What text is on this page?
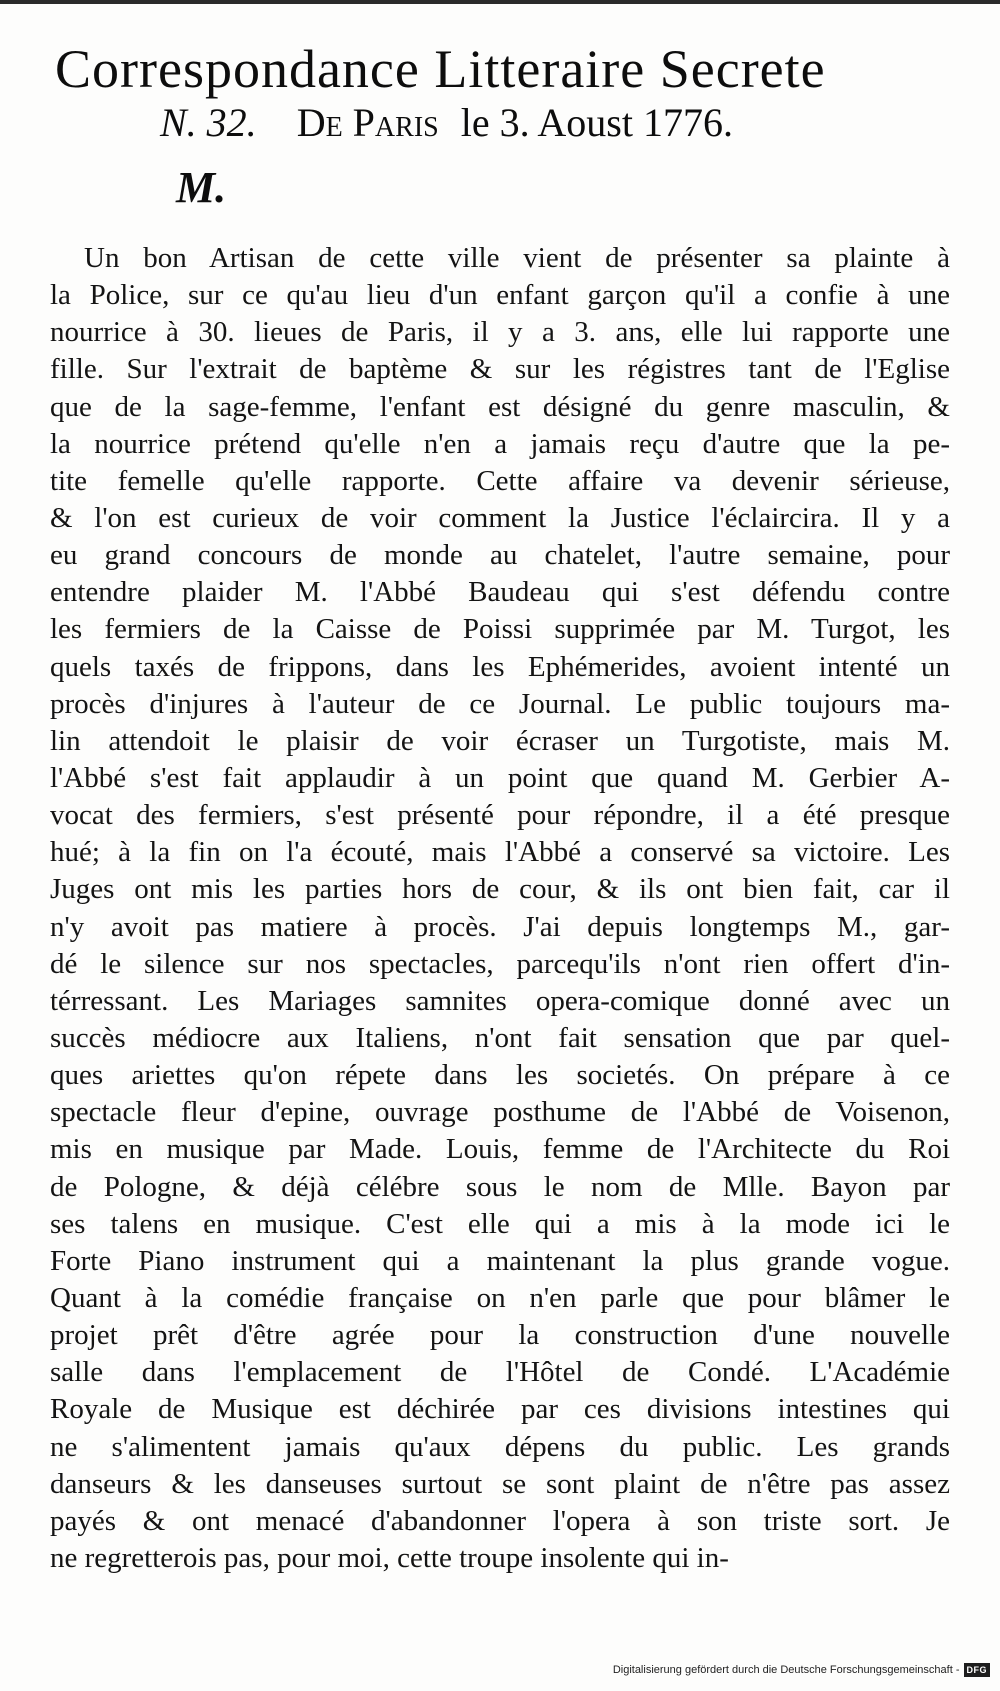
Correspondance Litteraire Secrete
N. 32. De Paris le 3. Aoust 1776.
M.
Un bon Artisan de cette ville vient de présenter sa plainte à
la Police, sur ce qu'au lieu d'un enfant garçon qu'il a confie à une
nourrice à 30. lieues de Paris, il y a 3. ans, elle lui rapporte une
fille. Sur l'extrait de baptème & sur les régistres tant de l'Eglise
que de la sage-femme, l'enfant est désigné du genre masculin, &
la nourrice prétend qu'elle n'en a jamais reçu d'autre que la pe-
tite femelle qu'elle rapporte. Cette affaire va devenir sérieuse,
& l'on est curieux de voir comment la Justice l'éclaircira. Il y a
eu grand concours de monde au chatelet, l'autre semaine, pour
entendre plaider M. l'Abbé Baudeau qui s'est défendu contre
les fermiers de la Caisse de Poissi supprimée par M. Turgot, les
quels taxés de frippons, dans les Ephémerides, avoient intenté un
procès d'injures à l'auteur de ce Journal. Le public toujours ma-
lin attendoit le plaisir de voir écraser un Turgotiste, mais M.
l'Abbé s'est fait applaudir à un point que quand M. Gerbier A-
vocat des fermiers, s'est présenté pour répondre, il a été presque
hué; à la fin on l'a écouté, mais l'Abbé a conservé sa victoire. Les
Juges ont mis les parties hors de cour, & ils ont bien fait, car il
n'y avoit pas matiere à procès. J'ai depuis longtemps M., gar-
dé le silence sur nos spectacles, parcequ'ils n'ont rien offert d'in-
térressant. Les Mariages samnites opera-comique donné avec un
succès médiocre aux Italiens, n'ont fait sensation que par quel-
ques ariettes qu'on répete dans les societés. On prépare à ce
spectacle fleur d'epine, ouvrage posthume de l'Abbé de Voisenon,
mis en musique par Made. Louis, femme de l'Architecte du Roi
de Pologne, & déjà célébre sous le nom de Mlle. Bayon par
ses talens en musique. C'est elle qui a mis à la mode ici le
Forte Piano instrument qui a maintenant la plus grande vogue.
Quant à la comédie française on n'en parle que pour blâmer le
projet prêt d'être agrée pour la construction d'une nouvelle
salle dans l'emplacement de l'Hôtel de Condé. L'Académie
Royale de Musique est déchirée par ces divisions intestines qui
ne s'alimentent jamais qu'aux dépens du public. Les grands
danseurs & les danseuses surtout se sont plaint de n'être pas assez
payés & ont menacé d'abandonner l'opera à son triste sort. Je
ne regretterois pas, pour moi, cette troupe insolente qui in-
Digitalisierung gefördert durch die Deutsche Forschungsgemeinschaft - DFG
